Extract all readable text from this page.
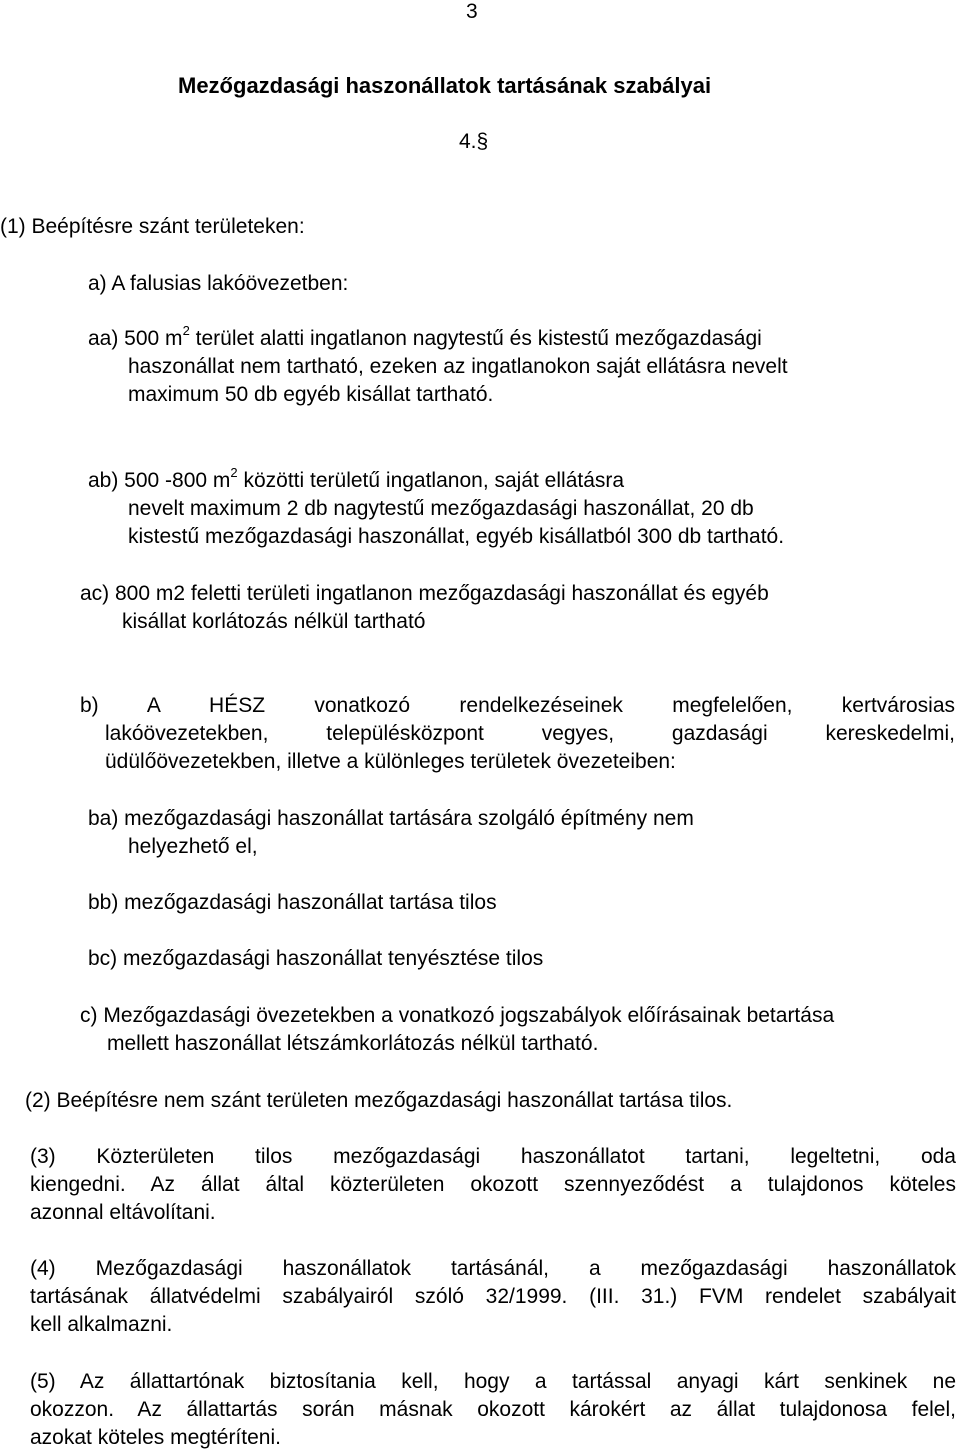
3
Mezőgazdasági haszonállatok tartásának szabályai
4.§
(1) Beépítésre szánt területeken:
a) A falusias lakóövezetben:
aa) 500 $m^2$ terület alatti ingatlanon nagytestű és kistestű mezőgazdasági
haszonállat nem tartható, ezeken az ingatlanokon saját ellátásra nevelt
maximum 50 db egyéb kisállat tartható.
ab) 500 -800 $m^2$ közötti területű ingatlanon, saját ellátásra
nevelt maximum 2 db nagytestű mezőgazdasági haszonállat, 20 db
kistestű mezőgazdasági haszonállat, egyéb kisállatból 300 db tartható.
ac) 800 m2 feletti területi ingatlanon mezőgazdasági haszonállat és egyéb
kisállat korlátozás nélkül tartható
b) A HÉSZ vonatkozó rendelkezéseinek megfelelően, kertvárosias
lakóövezetekben, településközpont vegyes, gazdasági kereskedelmi,
üdülőövezetekben, illetve a különleges területek övezeteiben:
ba) mezőgazdasági haszonállat tartására szolgáló építmény nem
helyezhető el,
bb) mezőgazdasági haszonállat tartása tilos
bc) mezőgazdasági haszonállat tenyésztése tilos
c) Mezőgazdasági övezetekben a vonatkozó jogszabályok előírásainak betartása
mellett haszonállat létszámkorlátozás nélkül tartható.
(2) Beépítésre nem szánt területen mezőgazdasági haszonállat tartása tilos.
(3) Közterületen tilos mezőgazdasági haszonállatot tartani, legeltetni, oda
kiengedni. Az állat által közterületen okozott szennyeződést a tulajdonos köteles
azonnal eltávolítani.
(4) Mezőgazdasági haszonállatok tartásánál, a mezőgazdasági haszonállatok
tartásának állatvédelmi szabályairól szóló 32/1999. (III. 31.) FVM rendelet szabályait
kell alkalmazni.
(5) Az állattartónak biztosítania kell, hogy a tartással anyagi kárt senkinek ne
okozzon. Az állattartás során másnak okozott károkért az állat tulajdonosa felel,
azokat köteles megtéríteni.
